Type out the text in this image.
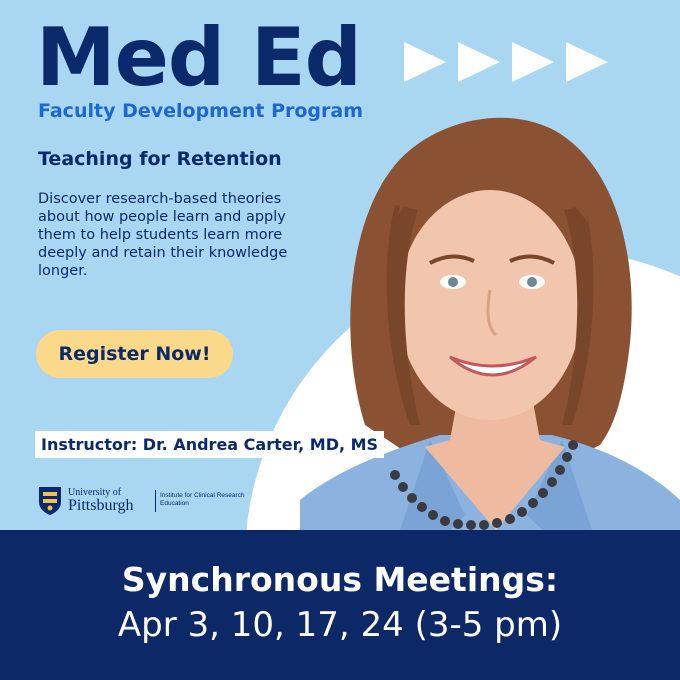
Med Ed
Faculty Development Program
Teaching for Retention
Discover research-based theories about how people learn and apply them to help students learn more deeply and retain their knowledge longer.
Register Now!
Instructor: Dr. Andrea Carter, MD, MS
University of
Pittsburgh
Institute for Clinical Research Education
Synchronous Meetings:
Apr 3, 10, 17, 24 (3-5 pm)
